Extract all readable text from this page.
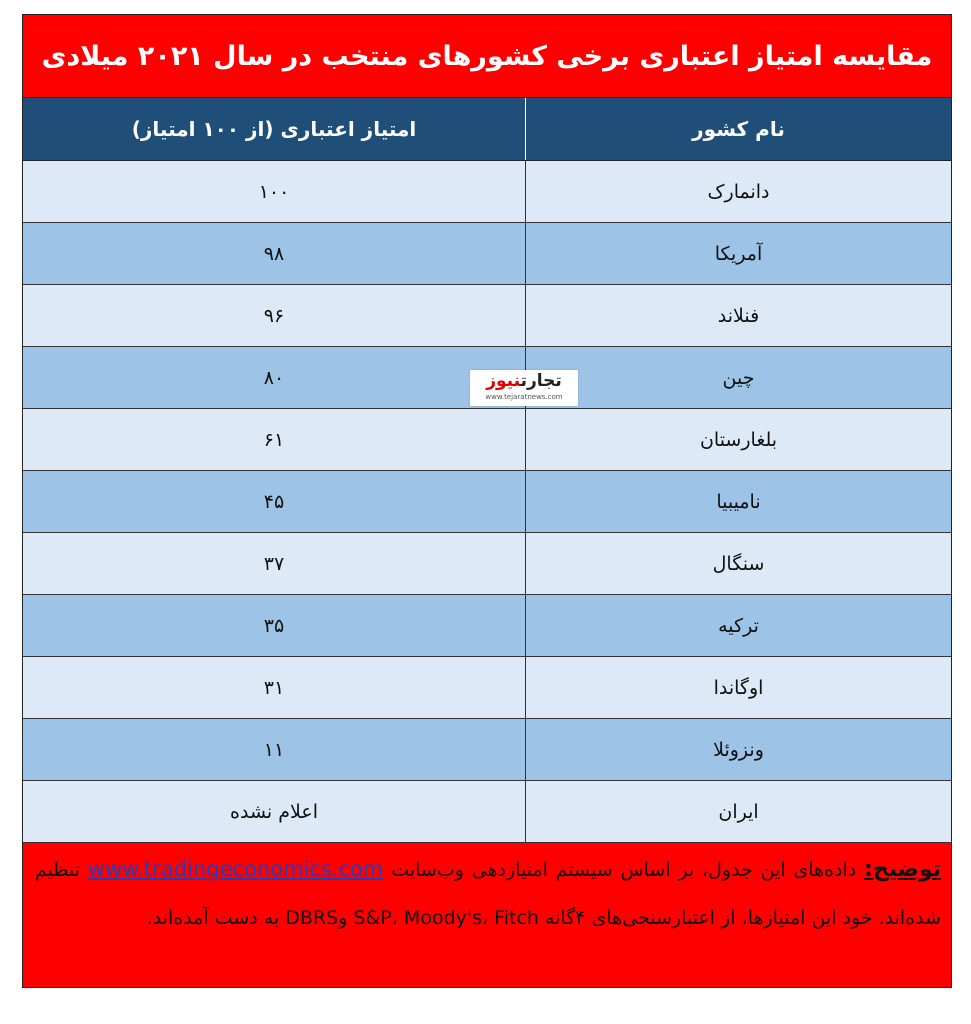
مقایسه امتیاز اعتباری برخی کشورهای منتخب در سال ۲۰۲۱ میلادی
نام کشور
امتیاز اعتباری (از ۱۰۰ امتیاز)
دانمارک
۱۰۰
آمریکا
۹۸
فنلاند
۹۶
چین
۸۰
بلغارستان
۶۱
نامیبیا
۴۵
سنگال
۳۷
ترکیه
۳۵
اوگاندا
۳۱
ونزوئلا
۱۱
ایران
اعلام نشده
توضیح: داده‌های این جدول، بر اساس سیستم امتیازدهی وب‌سایت www.tradingeconomics.com تنظیم شده‌اند. خود این امتیازها، از اعتبارسنجی‌های ۴گانه S&P، Moody's، Fitch وDBRS به دست آمده‌اند.
تجارتنیوز
www.tejaratnews.com
